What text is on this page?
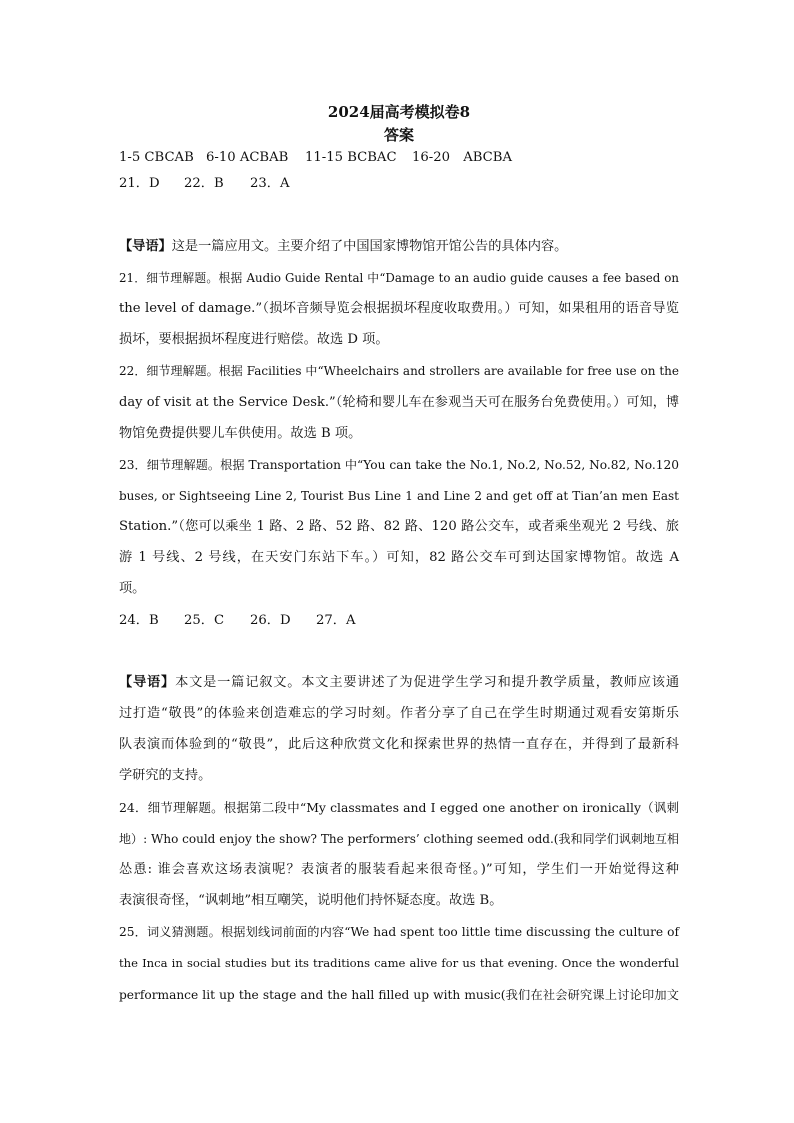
2024届高考模拟卷8
答案
1-5 CBCAB 6-10 ACBAB 11-15 BCBAC 16-20　ABCBA
21．D 22．B 23．A
【导语】这是一篇应用文。主要介绍了中国国家博物馆开馆公告的具体内容。
21．细节理解题。根据 Audio Guide Rental 中“Damage to an audio guide causes a fee based on
the level of damage.”（损坏音频导览会根据损坏程度收取费用。）可知，如果租用的语音导览
损坏，要根据损坏程度进行赔偿。故选 D 项。
22．细节理解题。根据 Facilities 中“Wheelchairs and strollers are available for free use on the
day of visit at the Service Desk.”（轮椅和婴儿车在参观当天可在服务台免费使用。）可知，博
物馆免费提供婴儿车供使用。故选 B 项。
23．细节理解题。根据 Transportation 中“You can take the No.1, No.2, No.52, No.82, No.120
buses, or Sightseeing Line 2, Tourist Bus Line 1 and Line 2 and get off at Tian’an men East
Station.”（您可以乘坐 1 路、2 路、52 路、82 路、120 路公交车，或者乘坐观光 2 号线、旅
游 1 号线、2 号线，在天安门东站下车。）可知，82 路公交车可到达国家博物馆。故选 A
项。
24．B 25．C 26．D 27．A
【导语】本文是一篇记叙文。本文主要讲述了为促进学生学习和提升教学质量，教师应该通
过打造“敬畏”的体验来创造难忘的学习时刻。作者分享了自己在学生时期通过观看安第斯乐
队表演而体验到的“敬畏”，此后这种欣赏文化和探索世界的热情一直存在，并得到了最新科
学研究的支持。
24．细节理解题。根据第二段中“My classmates and I egged one another on ironically（讽刺
地）: Who could enjoy the show? The performers’ clothing seemed odd.(我和同学们讽刺地互相
怂恿: 谁会喜欢这场表演呢？表演者的服装看起来很奇怪。)”可知，学生们一开始觉得这种
表演很奇怪，“讽刺地”相互嘲笑，说明他们持怀疑态度。故选 B。
25．词义猜测题。根据划线词前面的内容“We had spent too little time discussing the culture of
the Inca in social studies but its traditions came alive for us that evening. Once the wonderful
performance lit up the stage and the hall filled up with music(我们在社会研究课上讨论印加文
